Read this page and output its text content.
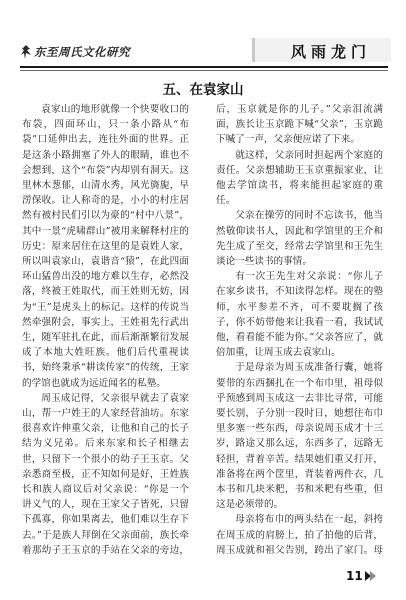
东至周氏文化研究	风雨龙门
五、在袁家山

袁家山的地形就像一个快要收口的布袋，四面环山，只一条小路从“布袋”口延伸出去，连往外面的世界。正是这条小路拥塞了外人的眼睛，谁也不会想到，这个“布袋”内却别有洞天。这里林木葱郁，山清水秀，风光旖旎，早涝保收。让人称奇的是，小小的村庄居然有被村民们引以为豪的“村中八景”，其中一景“虎啸群山”被用来解释村庄的历史：原来居住在这里的是袁姓人家，所以叫袁家山，袁谐音“猿”，在此四面环山猛兽出没的地方难以生存，必然没落，终被王姓取代，而王姓则无妨，因为“王”是虎头上的标记。这样的传说当然牵强附会，事实上，王姓祖先行武出生，随军驻扎在此，而后渐渐繁衍发展成了本地大姓旺族。他们后代重视读书，始终秉承“耕读传家”的传统，王家的学馆也就成为远近闻名的私塾。

周玉成记得，父亲很早就去了袁家山，帮一户姓王的人家经营油坊。东家很喜欢许伸重父亲，让他和自己的长子结为义兄弟。后来东家和长子相继去世，只留下一个很小的幼子王玉京。父亲悉商至极，正不知如何是好，王姓族长和族人商议后对父亲说：“你是一个讲义气的人，现在王家父子皆死，只留下孤寡，你如果离去，他们难以生存下去。”于是族人拜倒在父亲面前，族长牵着那幼子王玉京的手站在父亲的旁边，

后，玉京就是你的儿子。”父亲泪流满面，族长让玉京跪下喊“父亲”，玉京跪下喊了一声，父亲便应诺了下来。

就这样，父亲同时担起两个家庭的责任。父亲想辅助王玉京重振家业，让他去学馆读书，将来能担起家庭的重任。

父亲在操劳的同时不忘读书，他当然敬仰读书人，因此和学馆里的王介和先生成了至交，经常去学馆里和王先生谈论一些读书的事情。

有一次王先生对父亲说：“你儿子在家乡读书，不知读得怎样。现在的塾师，水平参差不齐，可不要耽搁了孩子，你不妨带他来让我看一看，我试试他，看看能不能为你。”父亲答应了，就倍加重，让周玉成去袁家山。

于是母亲为周玉成准备行囊，她将要带的东西捆扎在一个布巾里，祖母似乎预感到周玉成这一去非比寻常，可能要长别，子分别一段时日，她想往布巾里多塞一些东西，母亲说周玉成才十三岁，路途又那么远，东西多了，远路无轻担，背着辛苦。结果她们重又打开，准备将在两个筐里，背装着两件衣，几本书和几块米粑，书和米粑有些重，但这是必须带的。

母亲将布巾的两头结在一起，斜挎在周玉成的肩膀上，拍了拍他的后背，周玉成就和祖父告别，跨出了家门。母

11
